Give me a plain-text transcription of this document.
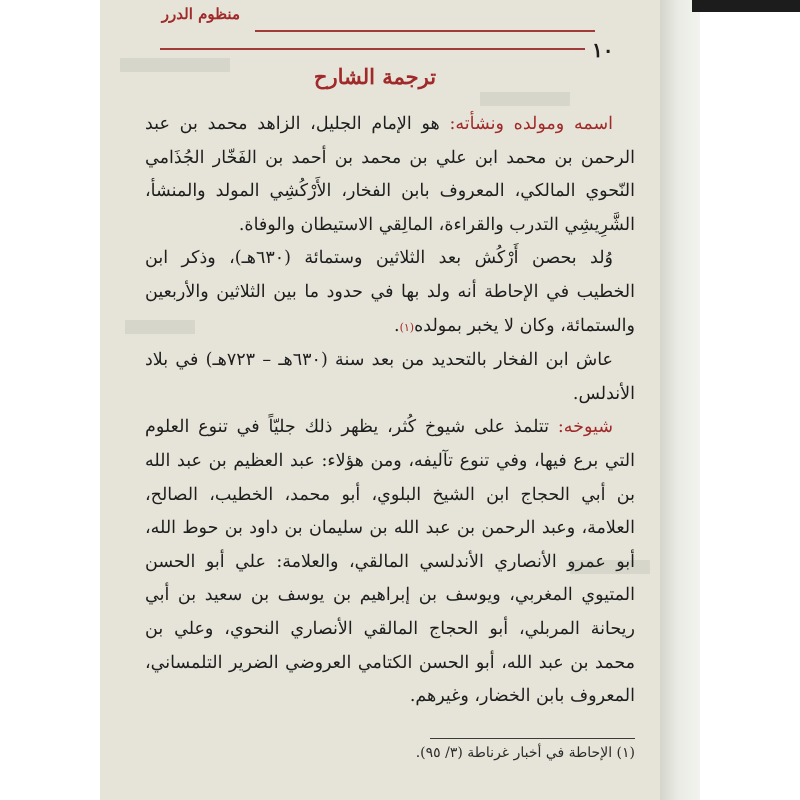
منظوم الدرر
١٠
ترجمة الشارح

اسمه ومولده ونشأته: هو الإمام الجليل، الزاهد محمد بن عبد الرحمن بن محمد ابن علي بن محمد بن أحمد بن الفَخّار الجُذَامي النّحوي المالكي، المعروف بابن الفخار، الأَرْكُشِي المولد والمنشأ، الشَّرِيشِي التدرب والقراءة، المالِقي الاستيطان والوفاة.

وُلد بحصن أَرْكُش بعد الثلاثين وستمائة (٦٣٠هـ)، وذكر ابن الخطيب في الإحاطة أنه ولد بها في حدود ما بين الثلاثين والأربعين والستمائة، وكان لا يخبر بمولده(١).

عاش ابن الفخار بالتحديد من بعد سنة (٦٣٠هـ – ٧٢٣هـ) في بلاد الأندلس.

شيوخه: تتلمذ على شيوخ كُثر، يظهر ذلك جليّاً في تنوع العلوم التي برع فيها، وفي تنوع تآليفه، ومن هؤلاء: عبد العظيم بن عبد الله بن أبي الحجاج ابن الشيخ البلوي، أبو محمد، الخطيب، الصالح، العلامة، وعبد الرحمن بن عبد الله بن سليمان بن داود بن حوط الله، أبو عمرو الأنصاري الأندلسي المالقي، والعلامة: علي أبو الحسن المتيوي المغربي، ويوسف بن إبراهيم بن يوسف بن سعيد بن أبي ريحانة المربلي، أبو الحجاج المالقي الأنصاري النحوي، وعلي بن محمد بن عبد الله، أبو الحسن الكتامي العروضي الضرير التلمساني، المعروف بابن الخضار، وغيرهم.

(١) الإحاطة في أخبار غرناطة (٣/ ٩٥).
